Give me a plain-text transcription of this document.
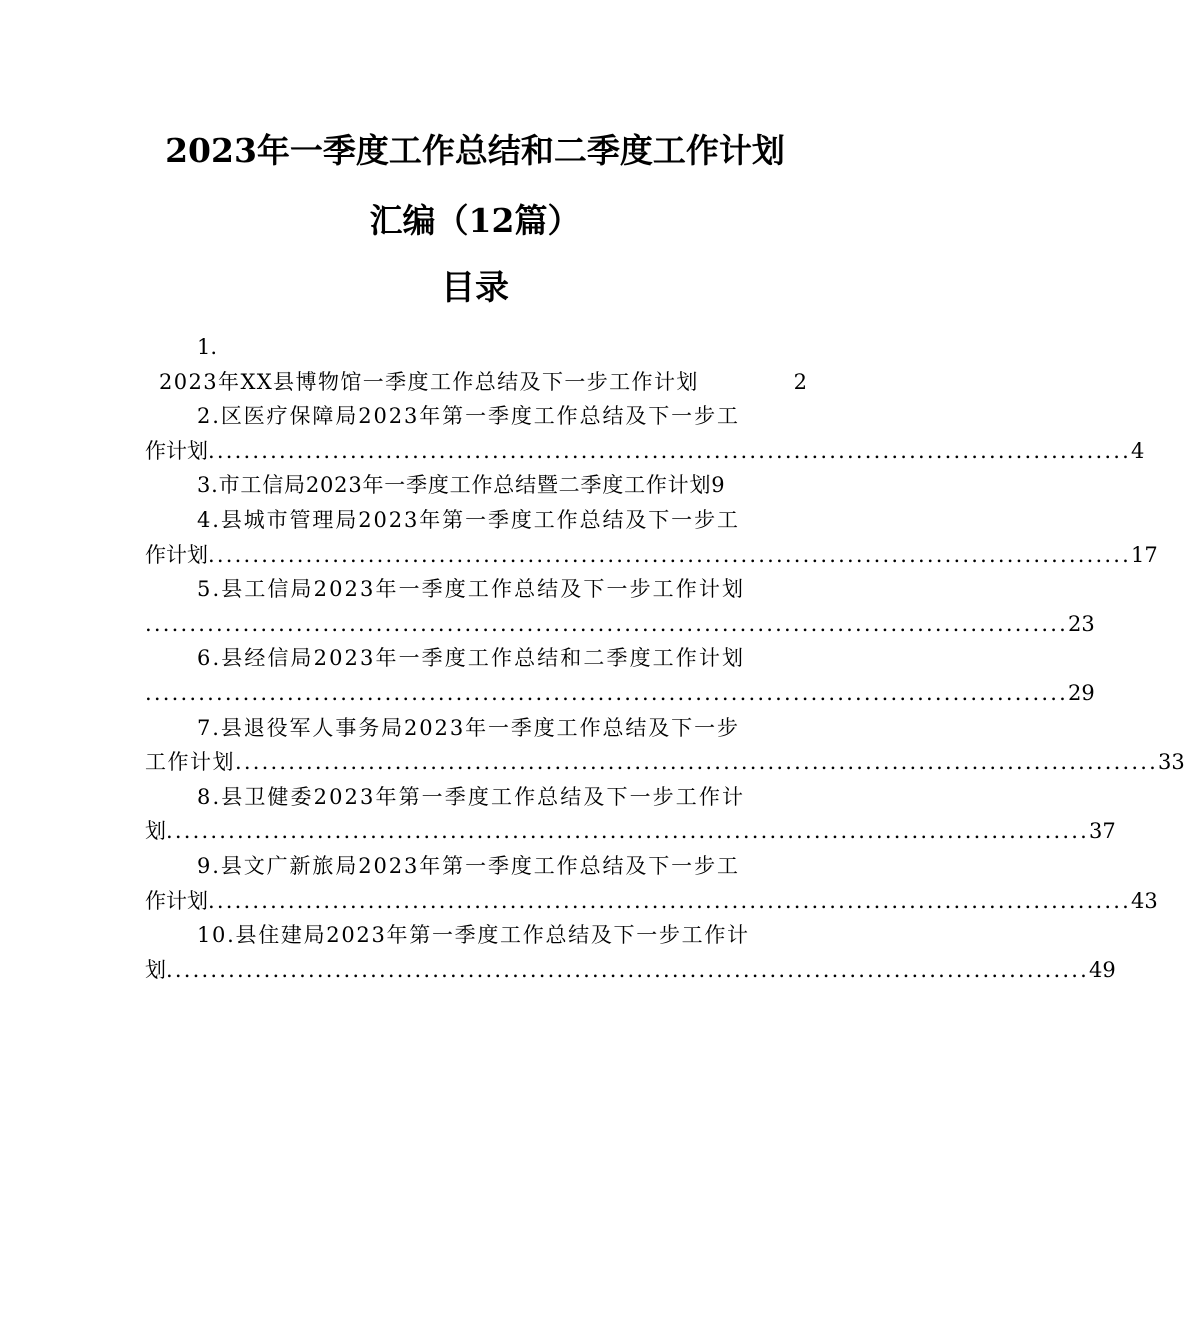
2023年一季度工作总结和二季度工作计划
汇编（12篇）
目录
1.
2023年XX县博物馆一季度工作总结及下一步工作计划	2
2.区医疗保障局2023年第一季度工作总结及下一步工
作计划 ........................................................................................................ 4
3.市工信局2023年一季度工作总结暨二季度工作计划 9
4.县城市管理局2023年第一季度工作总结及下一步工
作计划 ........................................................................................................ 17
5.县工信局2023年一季度工作总结及下一步工作计划
........................................................................................................ 23
6.县经信局2023年一季度工作总结和二季度工作计划
........................................................................................................ 29
7.县退役军人事务局2023年一季度工作总结及下一步
工作计划 ........................................................................................................ 33
8.县卫健委2023年第一季度工作总结及下一步工作计
划 ........................................................................................................ 37
9.县文广新旅局2023年第一季度工作总结及下一步工
作计划 ........................................................................................................ 43
10.县住建局2023年第一季度工作总结及下一步工作计
划 ........................................................................................................ 49
